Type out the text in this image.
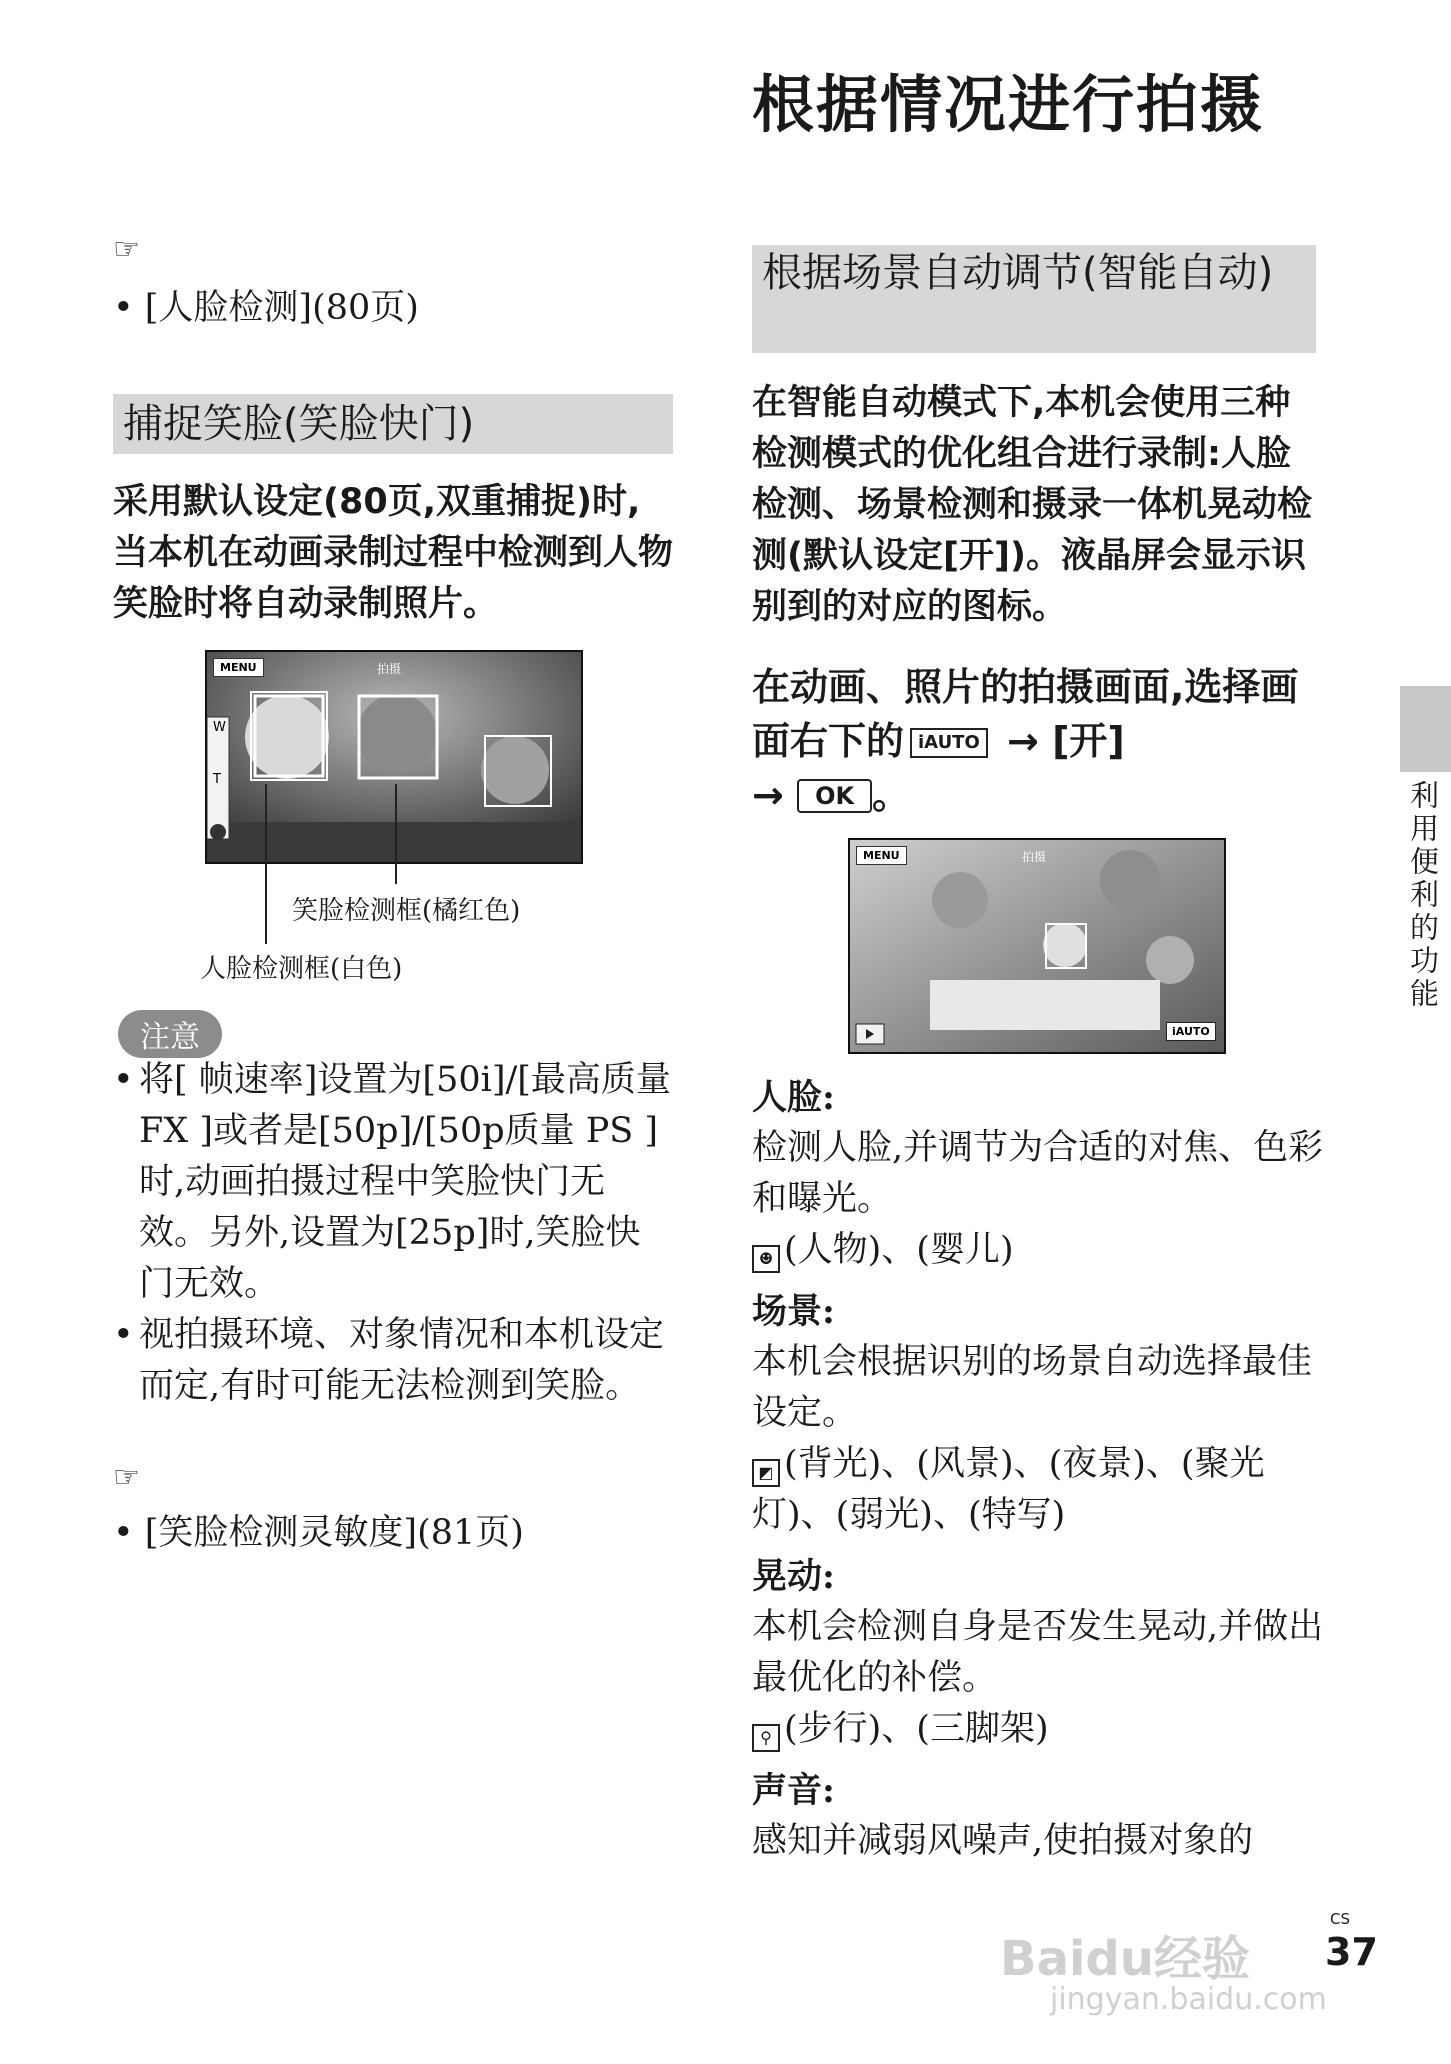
根据情况进行拍摄
☞
• [人脸检测](80页)
捕捉笑脸(笑脸快门)
采用默认设定(80页,双重捕捉)时,当本机在动画录制过程中检测到人物笑脸时将自动录制照片。
MENU	拍摄
W
T
笑脸检测框(橘红色)
人脸检测框(白色)
注意
• 将[ 帧速率]设置为[50i]/[最高质量 FX ]或者是[50p]/[50p质量 PS ]时,动画拍摄过程中笑脸快门无效。另外,设置为[25p]时,笑脸快门无效。
• 视拍摄环境、对象情况和本机设定而定,有时可能无法检测到笑脸。
☞
• [笑脸检测灵敏度](81页)
根据场景自动调节(智能自动)
在智能自动模式下,本机会使用三种检测模式的优化组合进行录制:人脸检测、场景检测和摄录一体机晃动检测(默认设定[开])。液晶屏会显示识别到的对应的图标。
在动画、照片的拍摄画面,选择画面右下的 iAUTO → [开]
→ OK 。
MENU	拍摄
iAUTO
人脸:
检测人脸,并调节为合适的对焦、色彩和曝光。
☻ (人物)、(婴儿)
场景:
本机会根据识别的场景自动选择最佳设定。
◩ (背光)、(风景)、(夜景)、(聚光灯)、(弱光)、(特写)
晃动:
本机会检测自身是否发生晃动,并做出最优化的补偿。
⚲ (步行)、(三脚架)
声音:
感知并减弱风噪声,使拍摄对象的
利用便利的功能
CS
37
Baidu经验
jingyan.baidu.com
